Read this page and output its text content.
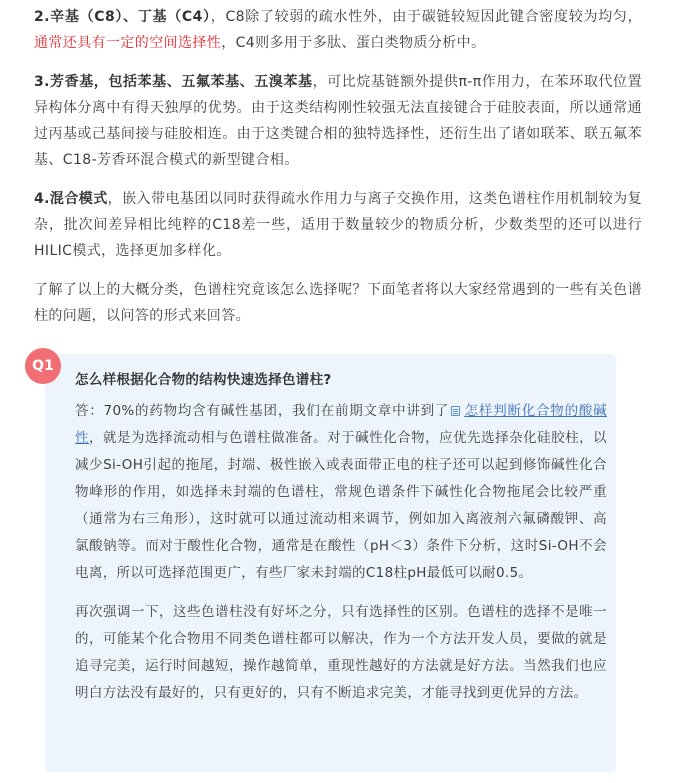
2.辛基（C8）、丁基（C4），C8除了较弱的疏水性外，由于碳链较短因此键合密度较为均匀，通常还具有一定的空间选择性，C4则多用于多肽、蛋白类物质分析中。

3.芳香基，包括苯基、五氟苯基、五溴苯基，可比烷基链额外提供π-π作用力，在苯环取代位置异构体分离中有得天独厚的优势。由于这类结构刚性较强无法直接键合于硅胶表面，所以通常通过丙基或己基间接与硅胶相连。由于这类键合相的独特选择性，还衍生出了诸如联苯、联五氟苯基、C18-芳香环混合模式的新型键合相。

4.混合模式，嵌入带电基团以同时获得疏水作用力与离子交换作用，这类色谱柱作用机制较为复杂，批次间差异相比纯粹的C18差一些，适用于数量较少的物质分析，少数类型的还可以进行HILIC模式，选择更加多样化。

了解了以上的大概分类，色谱柱究竟该怎么选择呢？下面笔者将以大家经常遇到的一些有关色谱柱的问题，以问答的形式来回答。

Q1
怎么样根据化合物的结构快速选择色谱柱?

答：70%的药物均含有碱性基团，我们在前期文章中讲到了 怎样判断化合物的酸碱性，就是为选择流动相与色谱柱做准备。对于碱性化合物，应优先选择杂化硅胶柱，以减少Si-OH引起的拖尾，封端、极性嵌入或表面带正电的柱子还可以起到修饰碱性化合物峰形的作用，如选择未封端的色谱柱，常规色谱条件下碱性化合物拖尾会比较严重（通常为右三角形），这时就可以通过流动相来调节，例如加入离液剂六氟磷酸钾、高氯酸钠等。而对于酸性化合物，通常是在酸性（pH＜3）条件下分析，这时Si-OH不会电离，所以可选择范围更广，有些厂家未封端的C18柱pH最低可以耐0.5。

再次强调一下，这些色谱柱没有好坏之分，只有选择性的区别。色谱柱的选择不是唯一的，可能某个化合物用不同类色谱柱都可以解决，作为一个方法开发人员，要做的就是追寻完美，运行时间越短，操作越简单，重现性越好的方法就是好方法。当然我们也应明白方法没有最好的，只有更好的，只有不断追求完美，才能寻找到更优异的方法。
